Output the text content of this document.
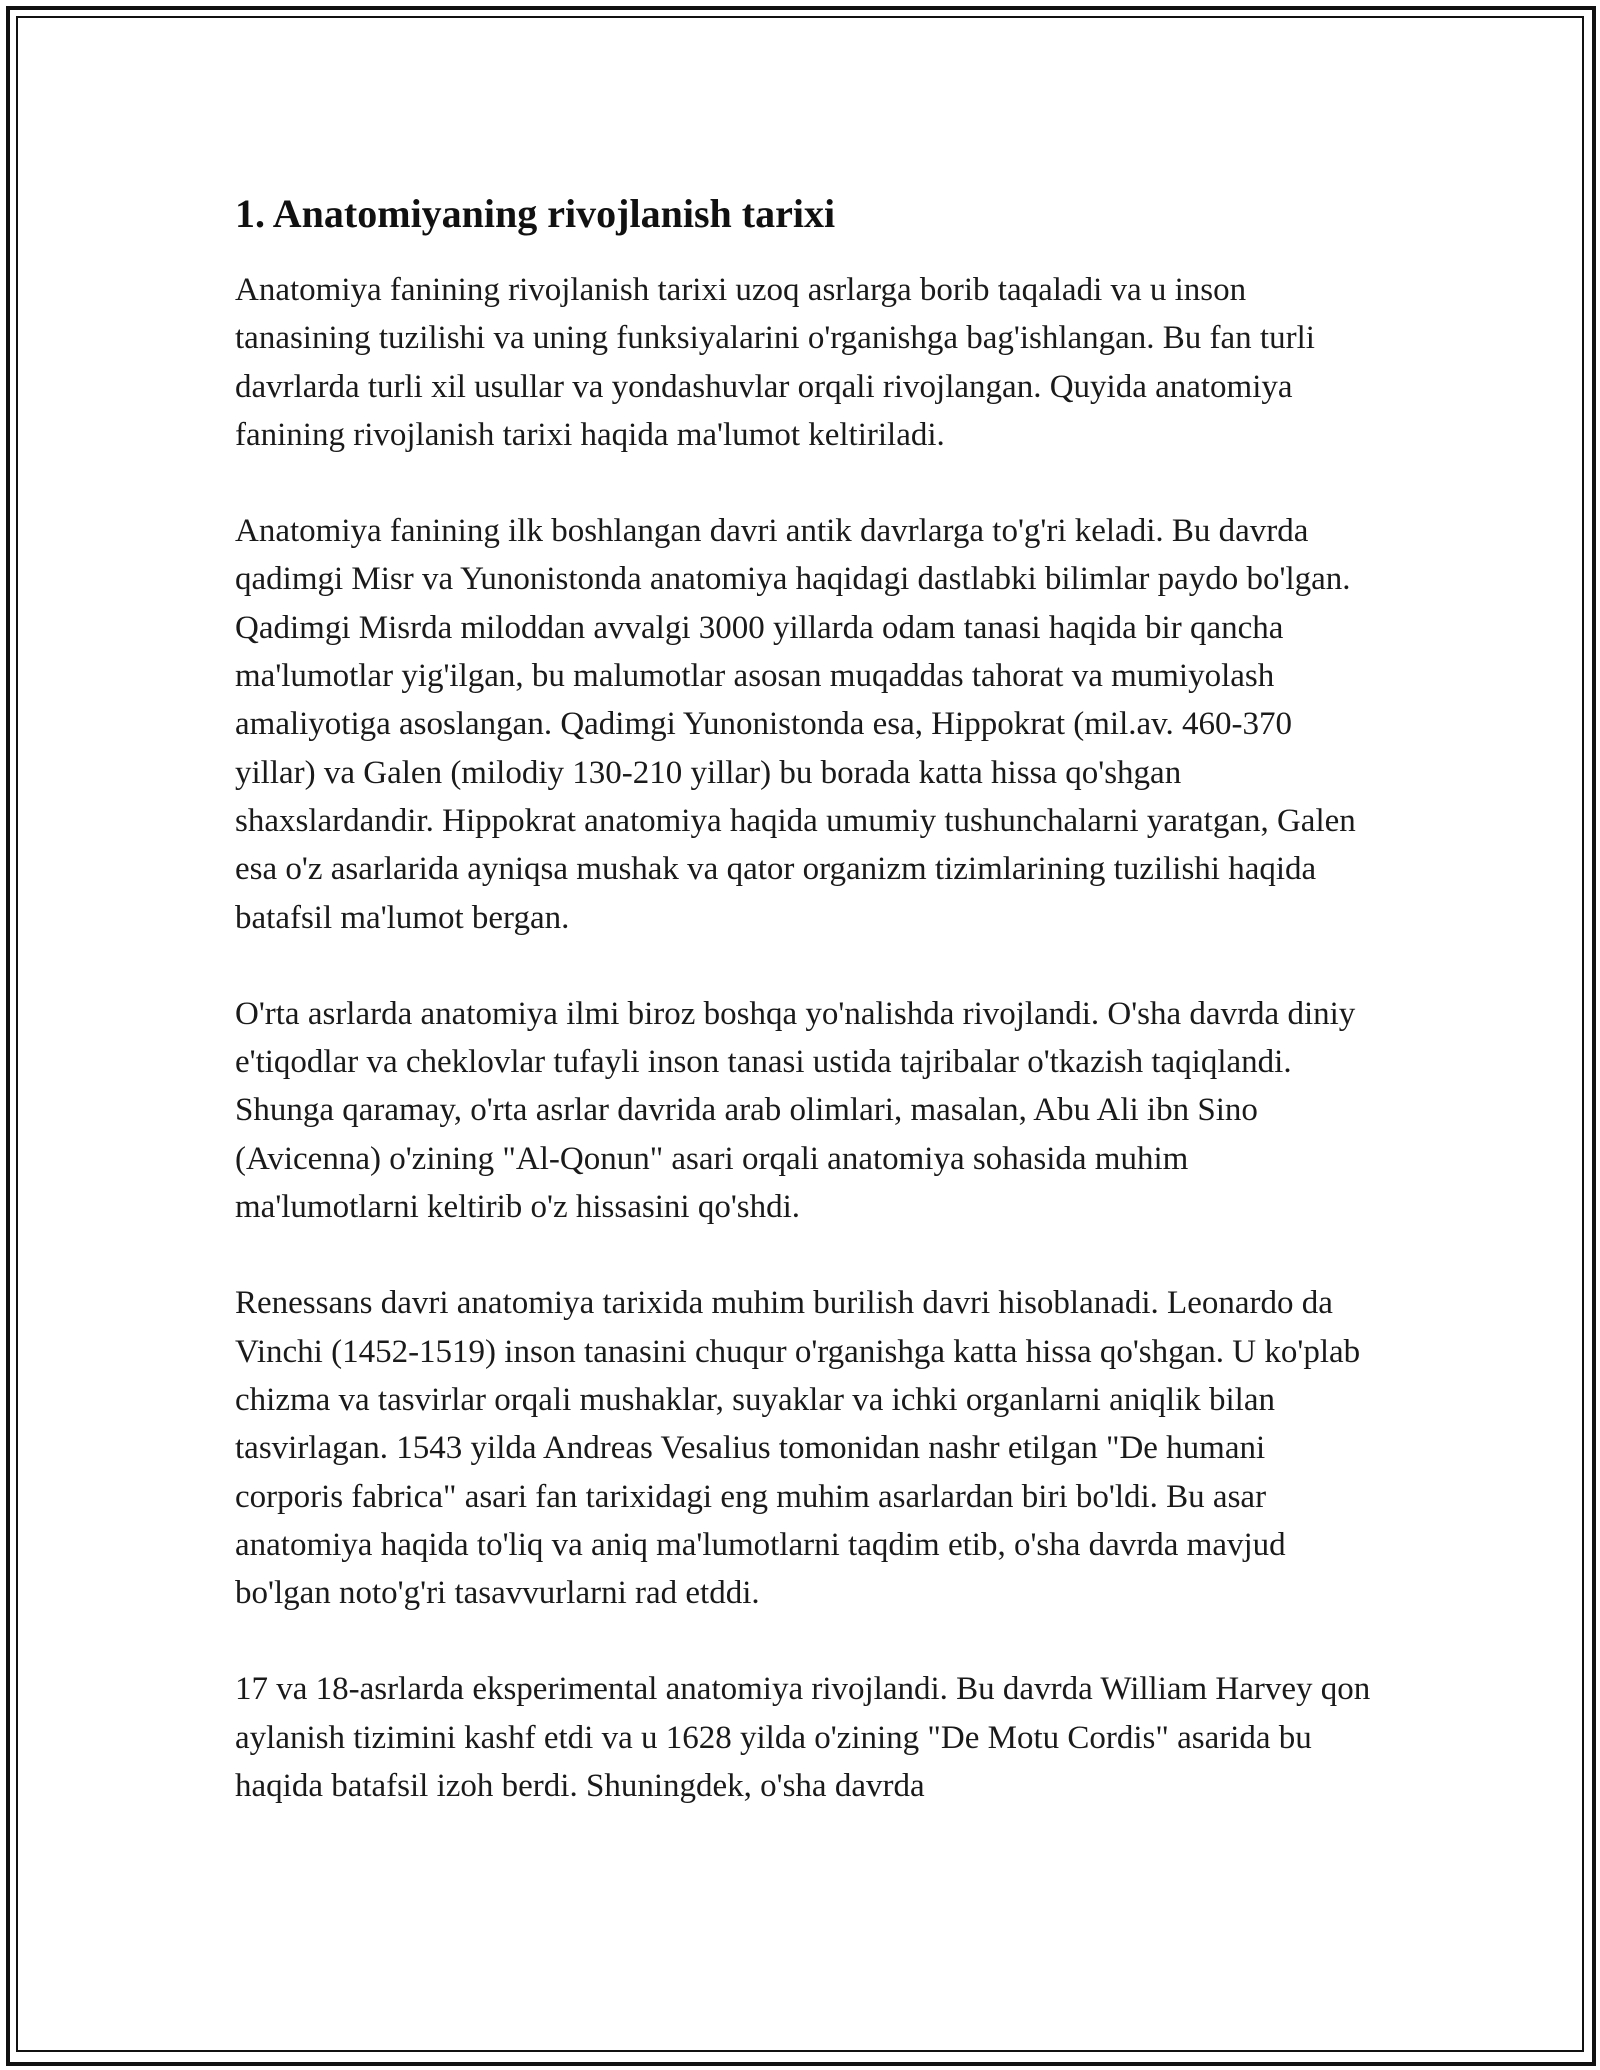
1. Anatomiyaning rivojlanish tarixi

Anatomiya fanining rivojlanish tarixi uzoq asrlarga borib taqaladi va u inson tanasining tuzilishi va uning funksiyalarini o'rganishga bag'ishlangan. Bu fan turli davrlarda turli xil usullar va yondashuvlar orqali rivojlangan. Quyida anatomiya fanining rivojlanish tarixi haqida ma'lumot keltiriladi.

Anatomiya fanining ilk boshlangan davri antik davrlarga to'g'ri keladi. Bu davrda qadimgi Misr va Yunonistonda anatomiya haqidagi dastlabki bilimlar paydo bo'lgan. Qadimgi Misrda miloddan avvalgi 3000 yillarda odam tanasi haqida bir qancha ma'lumotlar yig'ilgan, bu malumotlar asosan muqaddas tahorat va mumiyolash amaliyotiga asoslangan. Qadimgi Yunonistonda esa, Hippokrat (mil.av. 460-370 yillar) va Galen (milodiy 130-210 yillar) bu borada katta hissa qo'shgan shaxslardandir. Hippokrat anatomiya haqida umumiy tushunchalarni yaratgan, Galen esa o'z asarlarida ayniqsa mushak va qator organizm tizimlarining tuzilishi haqida batafsil ma'lumot bergan.

O'rta asrlarda anatomiya ilmi biroz boshqa yo'nalishda rivojlandi. O'sha davrda diniy e'tiqodlar va cheklovlar tufayli inson tanasi ustida tajribalar o'tkazish taqiqlandi. Shunga qaramay, o'rta asrlar davrida arab olimlari, masalan, Abu Ali ibn Sino (Avicenna) o'zining "Al-Qonun" asari orqali anatomiya sohasida muhim ma'lumotlarni keltirib o'z hissasini qo'shdi.

Renessans davri anatomiya tarixida muhim burilish davri hisoblanadi. Leonardo da Vinchi (1452-1519) inson tanasini chuqur o'rganishga katta hissa qo'shgan. U ko'plab chizma va tasvirlar orqali mushaklar, suyaklar va ichki organlarni aniqlik bilan tasvirlagan. 1543 yilda Andreas Vesalius tomonidan nashr etilgan "De humani corporis fabrica" asari fan tarixidagi eng muhim asarlardan biri bo'ldi. Bu asar anatomiya haqida to'liq va aniq ma'lumotlarni taqdim etib, o'sha davrda mavjud bo'lgan noto'g'ri tasavvurlarni rad etddi.

17 va 18-asrlarda eksperimental anatomiya rivojlandi. Bu davrda William Harvey qon aylanish tizimini kashf etdi va u 1628 yilda o'zining "De Motu Cordis" asarida bu haqida batafsil izoh berdi. Shuningdek, o'sha davrda
